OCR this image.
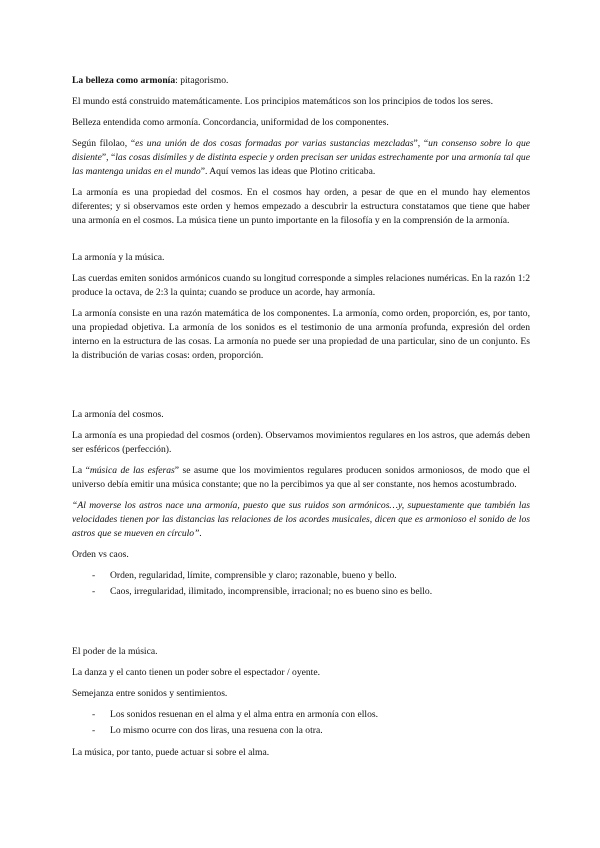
La belleza como armonía: pitagorismo.

El mundo está construido matemáticamente. Los principios matemáticos son los principios de todos los seres.

Belleza entendida como armonía. Concordancia, uniformidad de los componentes.

Según filolao, “es una unión de dos cosas formadas por varias sustancias mezcladas”, “un consenso sobre lo que disiente”, “las cosas disímiles y de distinta especie y orden precisan ser unidas estrechamente por una armonía tal que las mantenga unidas en el mundo”. Aquí vemos las ideas que Plotino criticaba.

La armonía es una propiedad del cosmos. En el cosmos hay orden, a pesar de que en el mundo hay elementos diferentes; y si observamos este orden y hemos empezado a descubrir la estructura constatamos que tiene que haber una armonía en el cosmos. La música tiene un punto importante en la filosofía y en la comprensión de la armonía.

La armonía y la música.

Las cuerdas emiten sonidos armónicos cuando su longitud corresponde a simples relaciones numéricas. En la razón 1:2 produce la octava, de 2:3 la quinta; cuando se produce un acorde, hay armonía.

La armonía consiste en una razón matemática de los componentes. La armonía, como orden, proporción, es, por tanto, una propiedad objetiva. La armonía de los sonidos es el testimonio de una armonía profunda, expresión del orden interno en la estructura de las cosas. La armonía no puede ser una propiedad de una particular, sino de un conjunto. Es la distribución de varias cosas: orden, proporción.

La armonía del cosmos.

La armonía es una propiedad del cosmos (orden). Observamos movimientos regulares en los astros, que además deben ser esféricos (perfección).

La “música de las esferas” se asume que los movimientos regulares producen sonidos armoniosos, de modo que el universo debía emitir una música constante; que no la percibimos ya que al ser constante, nos hemos acostumbrado.

“Al moverse los astros nace una armonía, puesto que sus ruidos son armónicos…y, supuestamente que también las velocidades tienen por las distancias las relaciones de los acordes musicales, dicen que es armonioso el sonido de los astros que se mueven en círculo”.

Orden vs caos.

- Orden, regularidad, límite, comprensible y claro; razonable, bueno y bello.
- Caos, irregularidad, ilimitado, incomprensible, irracional; no es bueno sino es bello.

El poder de la música.

La danza y el canto tienen un poder sobre el espectador / oyente.

Semejanza entre sonidos y sentimientos.

- Los sonidos resuenan en el alma y el alma entra en armonía con ellos.
- Lo mismo ocurre con dos liras, una resuena con la otra.

La música, por tanto, puede actuar si sobre el alma.
